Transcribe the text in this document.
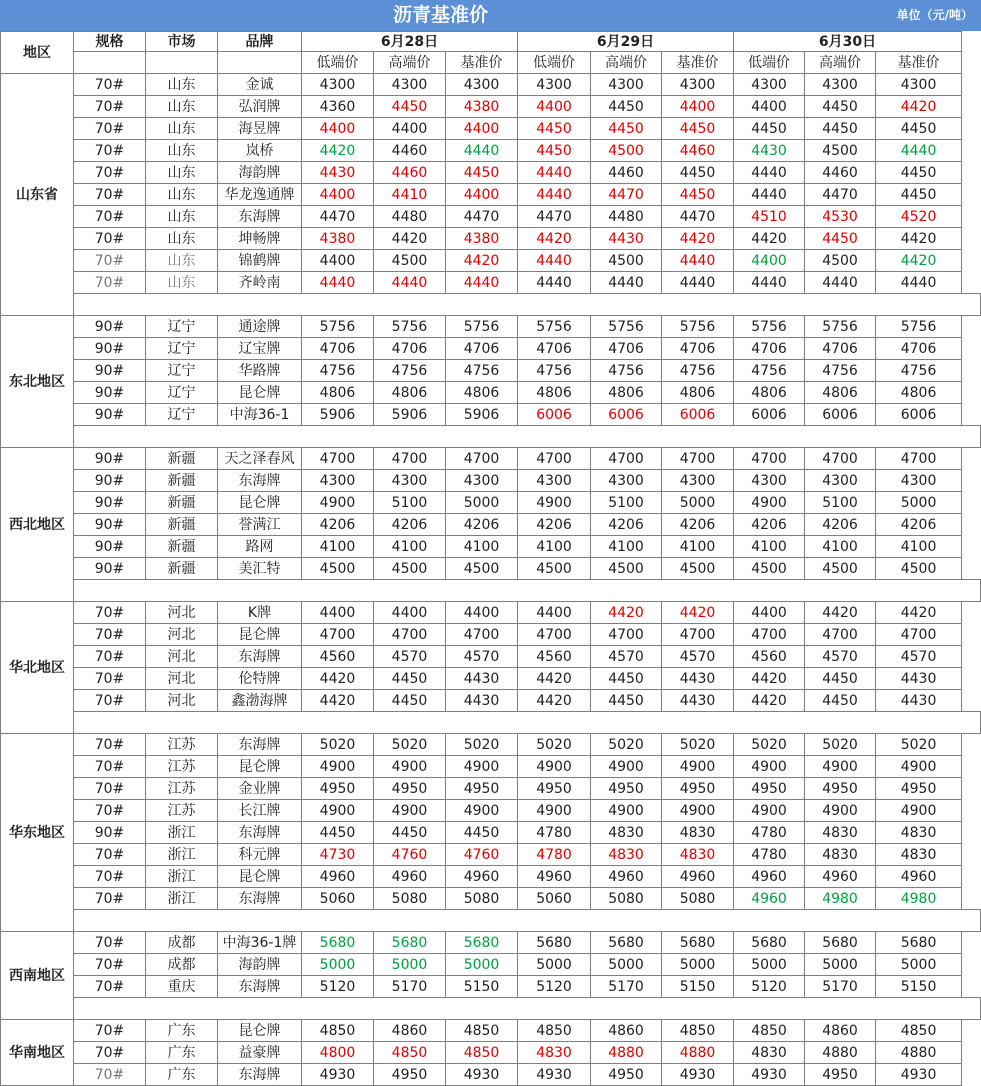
沥青基准价	单位（元/吨）
地区	规格	市场	品牌	6月28日			6月29日			6月30日		
				低端价	高端价	基准价	低端价	高端价	基准价	低端价	高端价	基准价
山东省	70#	山东	金诚	4300	4300	4300	4300	4300	4300	4300	4300	4300
	70#	山东	弘润牌	4360	4450	4380	4400	4450	4400	4400	4450	4420
	70#	山东	海昱牌	4400	4400	4400	4450	4450	4450	4450	4450	4450
	70#	山东	岚桥	4420	4460	4440	4450	4500	4460	4430	4500	4440
	70#	山东	海韵牌	4430	4460	4450	4440	4460	4450	4440	4460	4450
	70#	山东	华龙逸通牌	4400	4410	4400	4440	4470	4450	4440	4470	4450
	70#	山东	东海牌	4470	4480	4470	4470	4480	4470	4510	4530	4520
	70#	山东	坤畅牌	4380	4420	4380	4420	4430	4420	4420	4450	4420
	70#	山东	锦鹤牌	4400	4500	4420	4440	4500	4440	4400	4500	4420
	70#	山东	齐岭南	4440	4440	4440	4440	4440	4440	4440	4440	4440

东北地区	90#	辽宁	通途牌	5756	5756	5756	5756	5756	5756	5756	5756	5756
	90#	辽宁	辽宝牌	4706	4706	4706	4706	4706	4706	4706	4706	4706
	90#	辽宁	华路牌	4756	4756	4756	4756	4756	4756	4756	4756	4756
	90#	辽宁	昆仑牌	4806	4806	4806	4806	4806	4806	4806	4806	4806
	90#	辽宁	中海36-1	5906	5906	5906	6006	6006	6006	6006	6006	6006

西北地区	90#	新疆	天之泽春风	4700	4700	4700	4700	4700	4700	4700	4700	4700
	90#	新疆	东海牌	4300	4300	4300	4300	4300	4300	4300	4300	4300
	90#	新疆	昆仑牌	4900	5100	5000	4900	5100	5000	4900	5100	5000
	90#	新疆	誉满江	4206	4206	4206	4206	4206	4206	4206	4206	4206
	90#	新疆	路网	4100	4100	4100	4100	4100	4100	4100	4100	4100
	90#	新疆	美汇特	4500	4500	4500	4500	4500	4500	4500	4500	4500

华北地区	70#	河北	K牌	4400	4400	4400	4400	4420	4420	4400	4420	4420
	70#	河北	昆仑牌	4700	4700	4700	4700	4700	4700	4700	4700	4700
	70#	河北	东海牌	4560	4570	4570	4560	4570	4570	4560	4570	4570
	70#	河北	伦特牌	4420	4450	4430	4420	4450	4430	4420	4450	4430
	70#	河北	鑫渤海牌	4420	4450	4430	4420	4450	4430	4420	4450	4430

华东地区	70#	江苏	东海牌	5020	5020	5020	5020	5020	5020	5020	5020	5020
	70#	江苏	昆仑牌	4900	4900	4900	4900	4900	4900	4900	4900	4900
	70#	江苏	金业牌	4950	4950	4950	4950	4950	4950	4950	4950	4950
	70#	江苏	长江牌	4900	4900	4900	4900	4900	4900	4900	4900	4900
	90#	浙江	东海牌	4450	4450	4450	4780	4830	4830	4780	4830	4830
	70#	浙江	科元牌	4730	4760	4760	4780	4830	4830	4780	4830	4830
	70#	浙江	昆仑牌	4960	4960	4960	4960	4960	4960	4960	4960	4960
	70#	浙江	东海牌	5060	5080	5080	5060	5080	5080	4960	4980	4980

西南地区	70#	成都	中海36-1牌	5680	5680	5680	5680	5680	5680	5680	5680	5680
	70#	成都	海韵牌	5000	5000	5000	5000	5000	5000	5000	5000	5000
	70#	重庆	东海牌	5120	5170	5150	5120	5170	5150	5120	5170	5150

华南地区	70#	广东	昆仑牌	4850	4860	4850	4850	4860	4850	4850	4860	4850
	70#	广东	益豪牌	4800	4850	4850	4830	4880	4880	4830	4880	4880
	70#	广东	东海牌	4930	4950	4930	4930	4950	4930	4930	4950	4930
